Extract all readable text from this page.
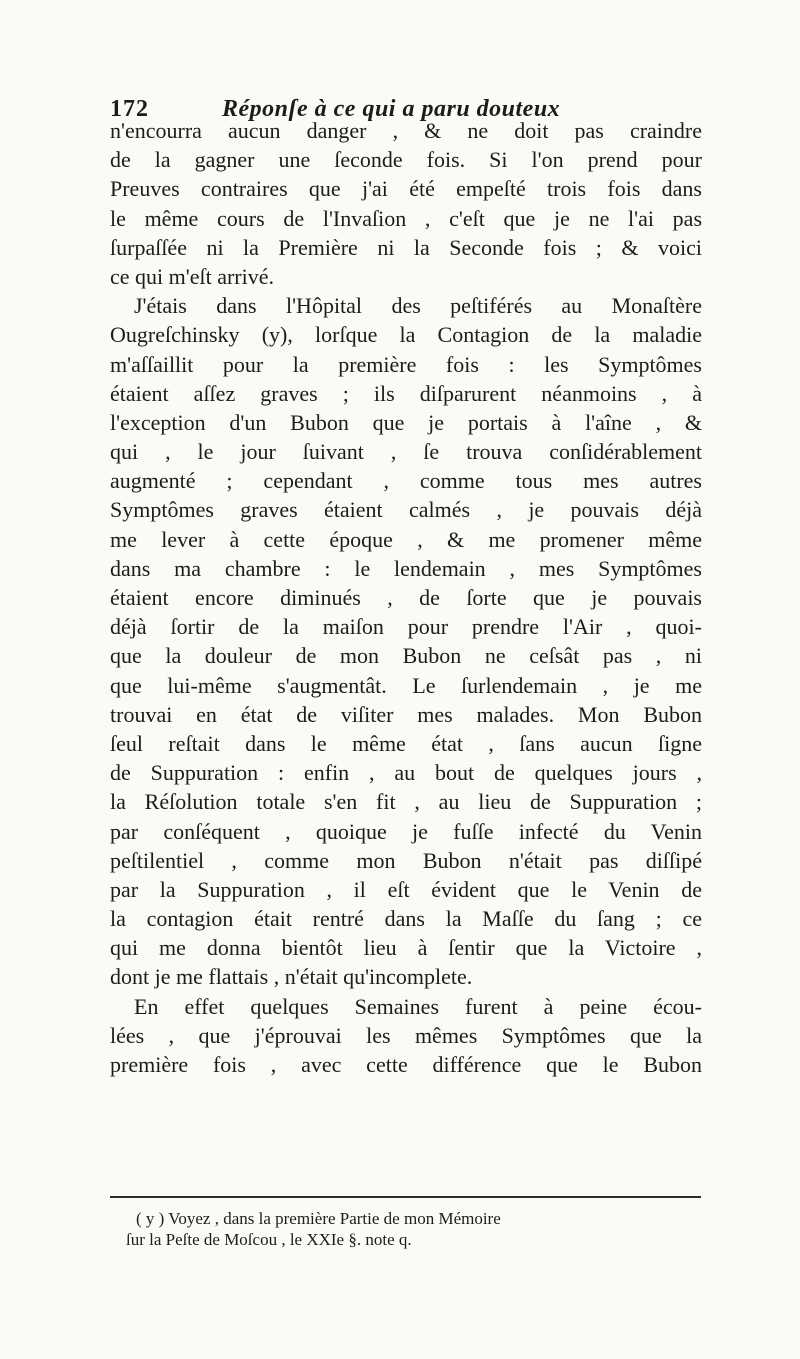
172	Réponſe à ce qui a paru douteux
n'encourra aucun danger , & ne doit pas craindre
de la gagner une ſeconde fois. Si l'on prend pour
Preuves contraires que j'ai été empeſté trois fois dans
le même cours de l'Invaſion , c'eſt que je ne l'ai pas
ſurpaſſée ni la Première ni la Seconde fois ; & voici
ce qui m'eſt arrivé.
J'étais dans l'Hôpital des peſtiférés au Monaſtère
Ougreſchinsky (y), lorſque la Contagion de la maladie
m'aſſaillit pour la première fois : les Symptômes
étaient aſſez graves ; ils diſparurent néanmoins , à
l'exception d'un Bubon que je portais à l'aîne , &
qui , le jour ſuivant , ſe trouva conſidérablement
augmenté ; cependant , comme tous mes autres
Symptômes graves étaient calmés , je pouvais déjà
me lever à cette époque , & me promener même
dans ma chambre : le lendemain , mes Symptômes
étaient encore diminués , de ſorte que je pouvais
déjà ſortir de la maiſon pour prendre l'Air , quoi-
que la douleur de mon Bubon ne ceſsât pas , ni
que lui-même s'augmentât. Le ſurlendemain , je me
trouvai en état de viſiter mes malades. Mon Bubon
ſeul reſtait dans le même état , ſans aucun ſigne
de Suppuration : enfin , au bout de quelques jours ,
la Réſolution totale s'en fit , au lieu de Suppuration ;
par conſéquent , quoique je fuſſe infecté du Venin
peſtilentiel , comme mon Bubon n'était pas diſſipé
par la Suppuration , il eſt évident que le Venin de
la contagion était rentré dans la Maſſe du ſang ; ce
qui me donna bientôt lieu à ſentir que la Victoire ,
dont je me flattais , n'était qu'incomplete.
En effet quelques Semaines furent à peine écou-
lées , que j'éprouvai les mêmes Symptômes que la
première fois , avec cette différence que le Bubon
( y ) Voyez , dans la première Partie de mon Mémoire
ſur la Peſte de Moſcou , le XXIe §. note q.
